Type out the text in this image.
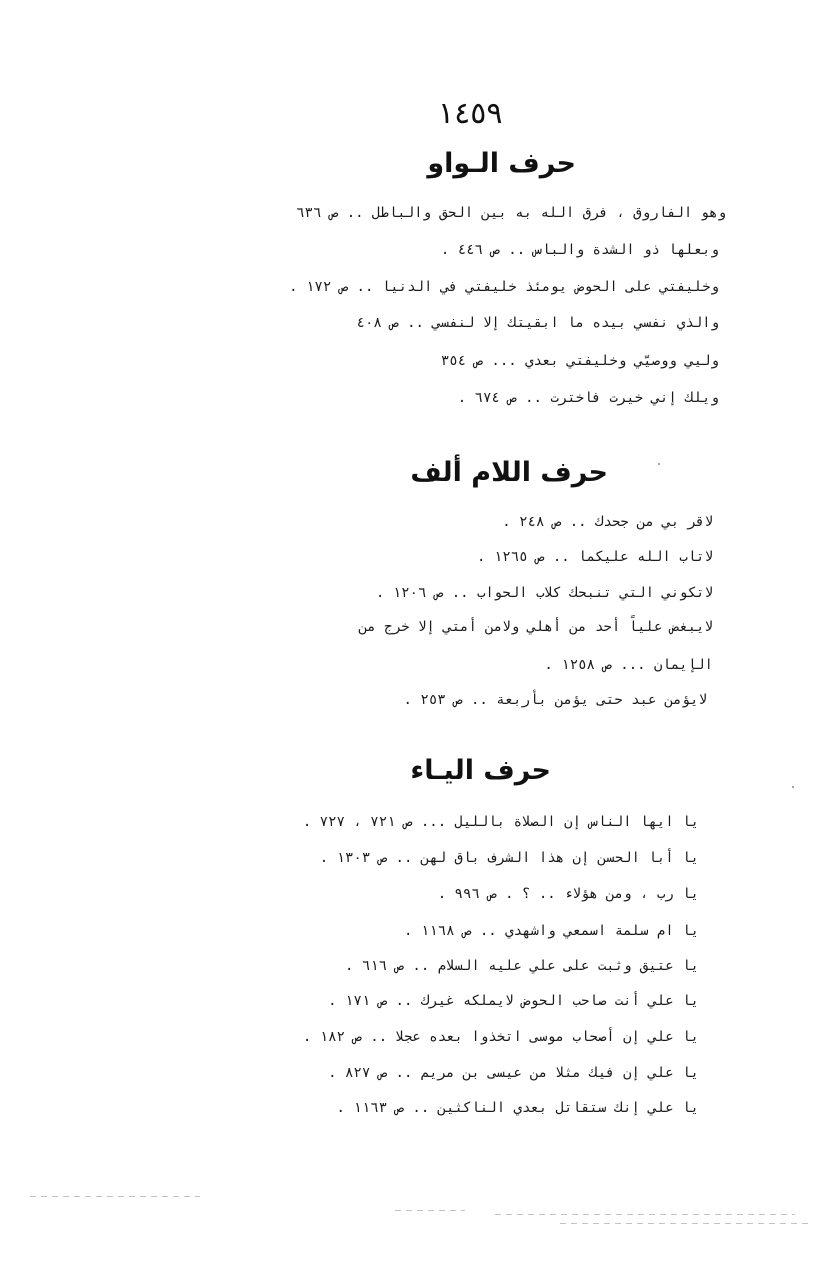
١٤٥٩
حرف الـواو
وهو الفاروق ، فرق الله به بين الحق والباطل .. ص ٦٣٦
وبعلها ذو الشدة والباس .. ص ٤٤٦ .
وخليفتي على الحوض يومئذ خليفتي في الدنيا .. ص ١٧٢ .
والذي نفسي بيده ما ابقيتك إلا لنفسي .. ص ٤٠٨
وليي ووصيّي وخليفتي بعدي ... ص ٣٥٤
ويلك إني خيرت فاخترت .. ص ٦٧٤ .
حرف اللام ألف
لاقر بي من جحدك .. ص ٢٤٨ .
لاتاب الله عليكما .. ص ١٢٦٥ .
لاتكوني التي تنبحك كلاب الحواب .. ص ١٢٠٦ .
لايبغض علياً أحد من أهلي ولامن أمتي إلا خرج من
الإيمان ... ص ١٢٥٨ .
لايؤمن عبد حتى يؤمن بأربعة .. ص ٢٥٣ .
حرف اليـاء
يا ايها الناس إن الصلاة بالليل ... ص ٧٢١ ، ٧٢٧ .
يا أبا الحسن إن هذا الشرف باق لهن .. ص ١٣٠٣ .
يا رب ، ومن هؤلاء .. ؟ . ص ٩٩٦ .
يا ام سلمة اسمعي واشهدي .. ص ١١٦٨ .
يا عتيق وثبت على علي عليه السلام .. ص ٦١٦ .
يا علي أنت صاحب الحوض لايملكه غيرك .. ص ١٧١ .
يا علي إن أصحاب موسى اتخذوا بعده عجلا .. ص ١٨٢ .
يا علي إن فيك مثلا من عيسى بن مريم .. ص ٨٢٧ .
يا علي إنك ستقاتل بعدي الناكثين .. ص ١١٦٣ .
